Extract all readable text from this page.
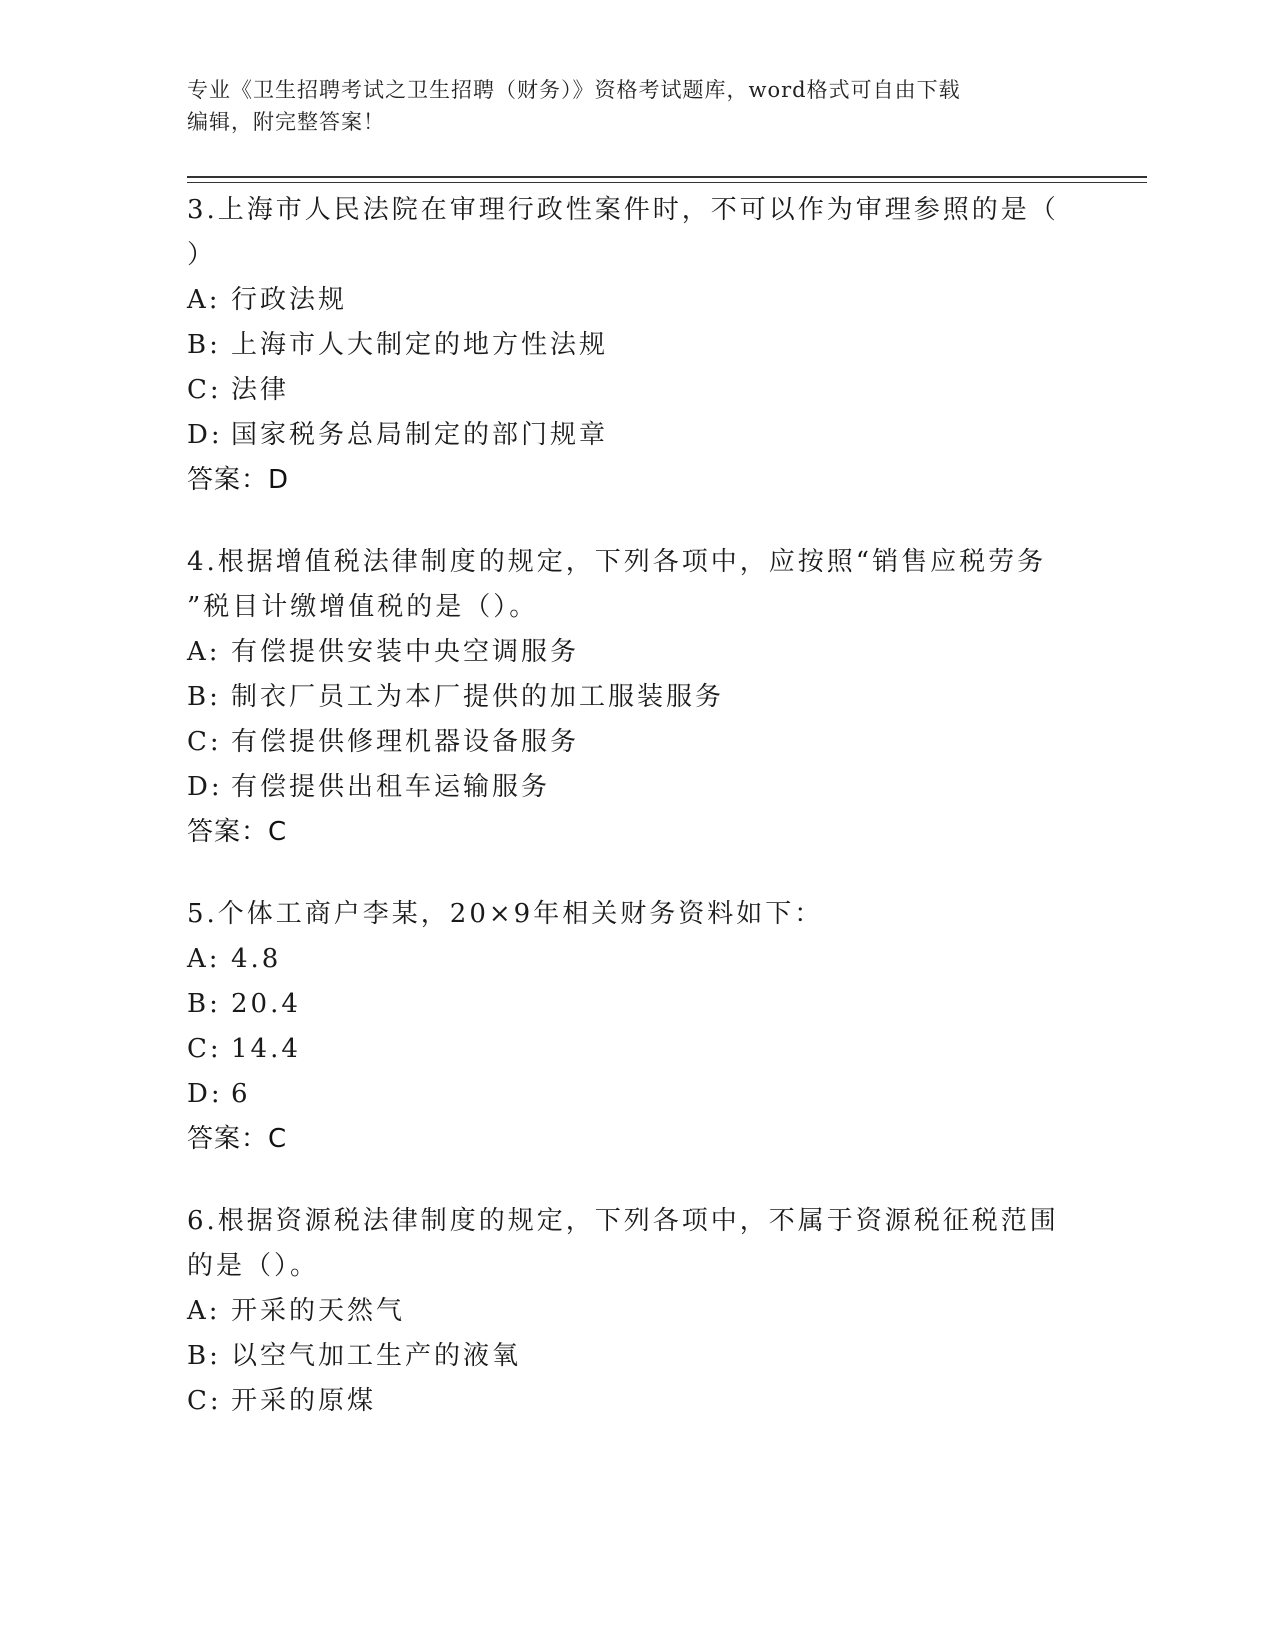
专业《卫生招聘考试之卫生招聘（财务）》资格考试题库，word格式可自由下载
编辑，附完整答案！
3.上海市人民法院在审理行政性案件时，不可以作为审理参照的是（
）
A: 行政法规
B: 上海市人大制定的地方性法规
C: 法律
D: 国家税务总局制定的部门规章
答案：D
4.根据增值税法律制度的规定，下列各项中，应按照“销售应税劳务
”税目计缴增值税的是（）。
A: 有偿提供安装中央空调服务
B: 制衣厂员工为本厂提供的加工服装服务
C: 有偿提供修理机器设备服务
D: 有偿提供出租车运输服务
答案：C
5.个体工商户李某，20×9年相关财务资料如下：
A: 4.8
B: 20.4
C: 14.4
D: 6
答案：C
6.根据资源税法律制度的规定，下列各项中，不属于资源税征税范围
的是（）。
A: 开采的天然气
B: 以空气加工生产的液氧
C: 开采的原煤
